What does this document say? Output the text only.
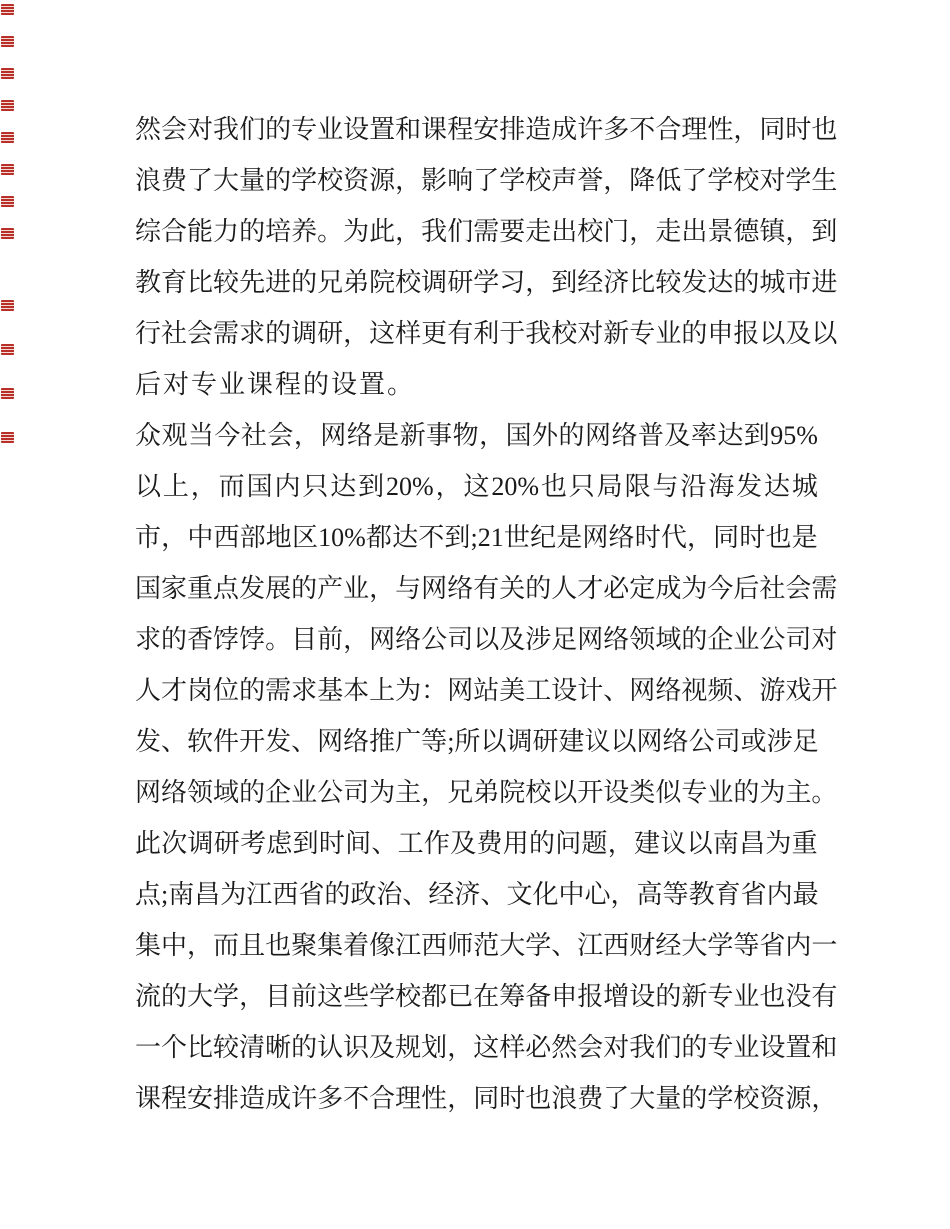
然 会 对 我 们 的 专 业 设 置 和 课 程 安 排 造 成 许 多 不 合 理 性 ， 同 时 也
浪 费 了 大 量 的 学 校 资 源 ， 影 响 了 学 校 声 誉 ， 降 低 了 学 校 对 学 生
综 合 能 力 的 培 养 。 为 此 ， 我 们 需 要 走 出 校 门 ， 走 出 景 德 镇 ， 到
教 育 比 较 先 进 的 兄 弟 院 校 调 研 学 习 ， 到 经 济 比 较 发 达 的 城 市 进
行 社 会 需 求 的 调 研 ， 这 样 更 有 利 于 我 校 对 新 专 业 的 申 报 以 及 以
后对专业课程的设置。
众 观 当 今 社 会 ， 网 络 是 新 事 物 ， 国 外 的 网 络 普 及 率 达 到 95%
以 上 ， 而 国 内 只 达 到 20% ， 这 20% 也 只 局 限 与 沿 海 发 达 城
市 ， 中 西 部 地 区 10% 都 达 不 到 ;21 世 纪 是 网 络 时 代 ， 同 时 也 是
国 家 重 点 发 展 的 产 业 ， 与 网 络 有 关 的 人 才 必 定 成 为 今 后 社 会 需
求 的 香 饽 饽 。 目 前 ， 网 络 公 司 以 及 涉 足 网 络 领 域 的 企 业 公 司 对
人 才 岗 位 的 需 求 基 本 上 为 ： 网 站 美 工 设 计 、 网 络 视 频 、 游 戏 开
发 、 软 件 开 发 、 网 络 推 广 等 ; 所 以 调 研 建 议 以 网 络 公 司 或 涉 足
网 络 领 域 的 企 业 公 司 为 主 ， 兄 弟 院 校 以 开 设 类 似 专 业 的 为 主 。
此 次 调 研 考 虑 到 时 间 、 工 作 及 费 用 的 问 题 ， 建 议 以 南 昌 为 重
点 ; 南 昌 为 江 西 省 的 政 治 、 经 济 、 文 化 中 心 ， 高 等 教 育 省 内 最
集 中 ， 而 且 也 聚 集 着 像 江 西 师 范 大 学 、 江 西 财 经 大 学 等 省 内 一
流 的 大 学 ， 目 前 这 些 学 校 都 已 在 筹 备 申 报 增 设 的 新 专 业 也 没 有
一 个 比 较 清 晰 的 认 识 及 规 划 ， 这 样 必 然 会 对 我 们 的 专 业 设 置 和
课 程 安 排 造 成 许 多 不 合 理 性 ， 同 时 也 浪 费 了 大 量 的 学 校 资 源 ，
